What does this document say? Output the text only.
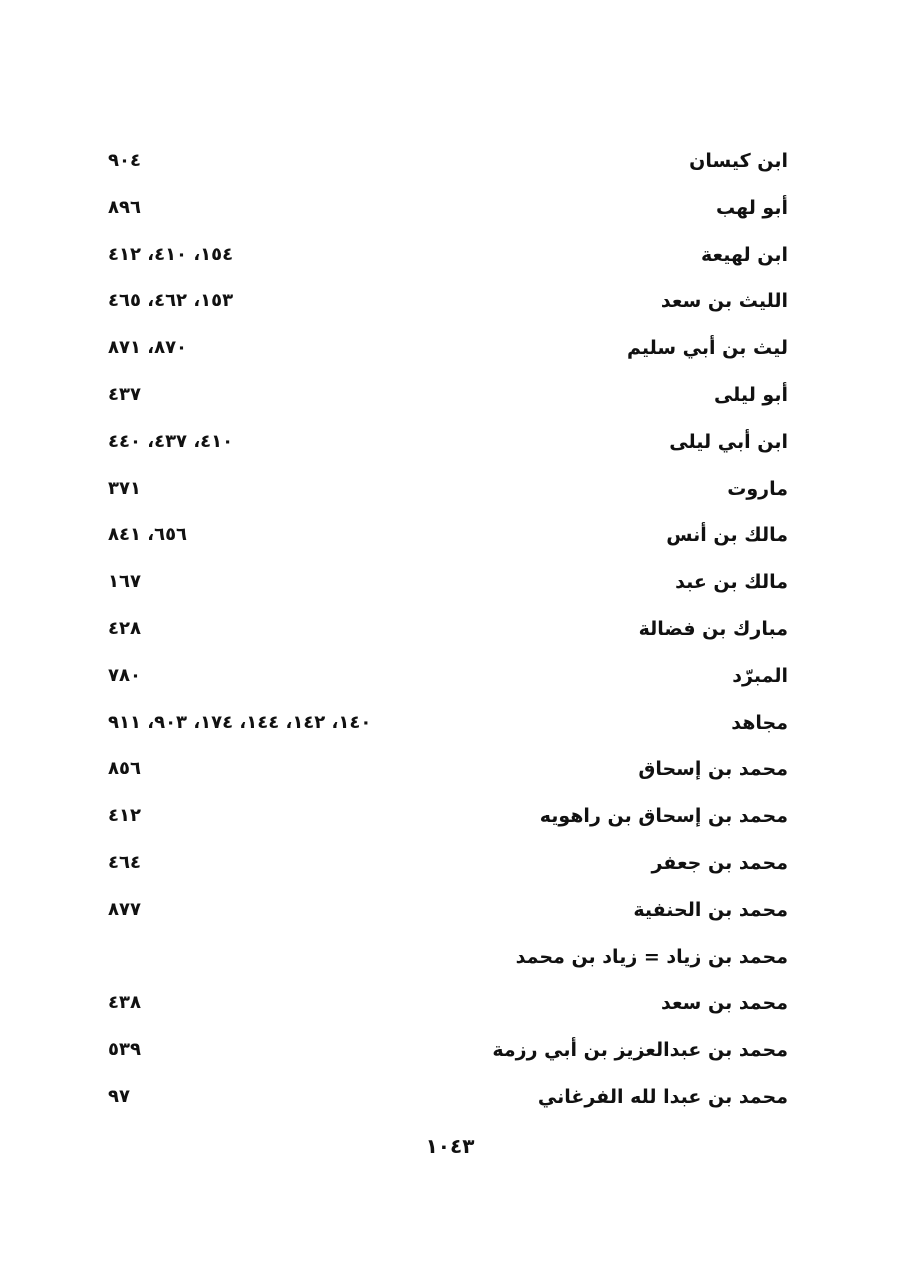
ابن كيسان
٩٠٤
أبو لهب
٨٩٦
ابن لهيعة
١٥٤، ٤١٠، ٤١٢
الليث بن سعد
١٥٣، ٤٦٢، ٤٦٥
ليث بن أبي سليم
٨٧٠، ٨٧١
أبو ليلى
٤٣٧
ابن أبي ليلى
٤١٠، ٤٣٧، ٤٤٠
ماروت
٣٧١
مالك بن أنس
٦٥٦، ٨٤١
مالك بن عبد
١٦٧
مبارك بن فضالة
٤٢٨
المبرّد
٧٨٠
مجاهد
١٤٠، ١٤٢، ١٤٤، ١٧٤، ٩٠٣، ٩١١
محمد بن إسحاق
٨٥٦
محمد بن إسحاق بن راهويه
٤١٢
محمد بن جعفر
٤٦٤
محمد بن الحنفية
٨٧٧
محمد بن زياد = زياد بن محمد
محمد بن سعد
٤٣٨
محمد بن عبدالعزيز بن أبي رزمة
٥٣٩
محمد بن عبدا لله الفرغاني
٩٧
١٠٤٣
